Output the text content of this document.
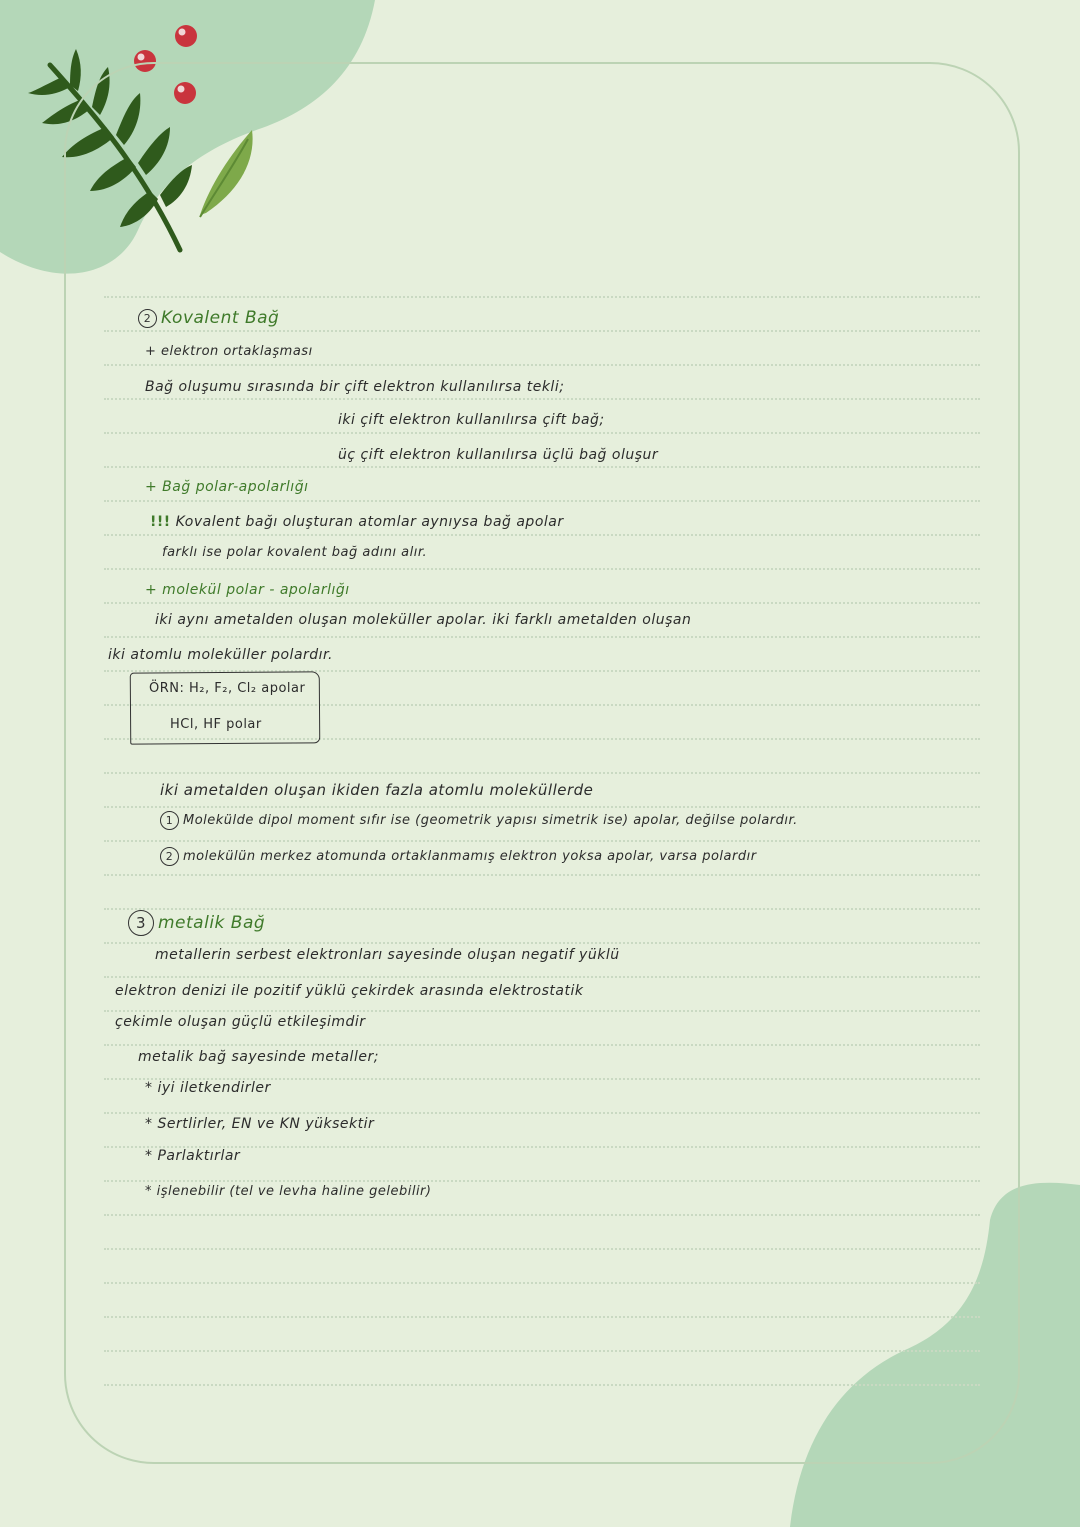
2 Kovalent Bağ
+ elektron ortaklaşması
Bağ oluşumu sırasında bir çift elektron kullanılırsa tekli;
iki çift elektron kullanılırsa çift bağ;
üç çift elektron kullanılırsa üçlü bağ oluşur
+ Bağ polar-apolarlığı
!!! Kovalent bağı oluşturan atomlar aynıysa bağ apolar
farklı ise polar kovalent bağ adını alır.
+ molekül polar - apolarlığı
iki aynı ametalden oluşan moleküller apolar. iki farklı ametalden oluşan
iki atomlu moleküller polardır.
ÖRN: H₂, F₂, Cl₂ apolar
HCl, HF polar
iki ametalden oluşan ikiden fazla atomlu moleküllerde
1 Molekülde dipol moment sıfır ise (geometrik yapısı simetrik ise) apolar, değilse polardır.
2 molekülün merkez atomunda ortaklanmamış elektron yoksa apolar, varsa polardır
3 metalik Bağ
metallerin serbest elektronları sayesinde oluşan negatif yüklü
elektron denizi ile pozitif yüklü çekirdek arasında elektrostatik
çekimle oluşan güçlü etkileşimdir
metalik bağ sayesinde metaller;
* iyi iletkendirler
* Sertlirler, EN ve KN yüksektir
* Parlaktırlar
* işlenebilir (tel ve levha haline gelebilir)
